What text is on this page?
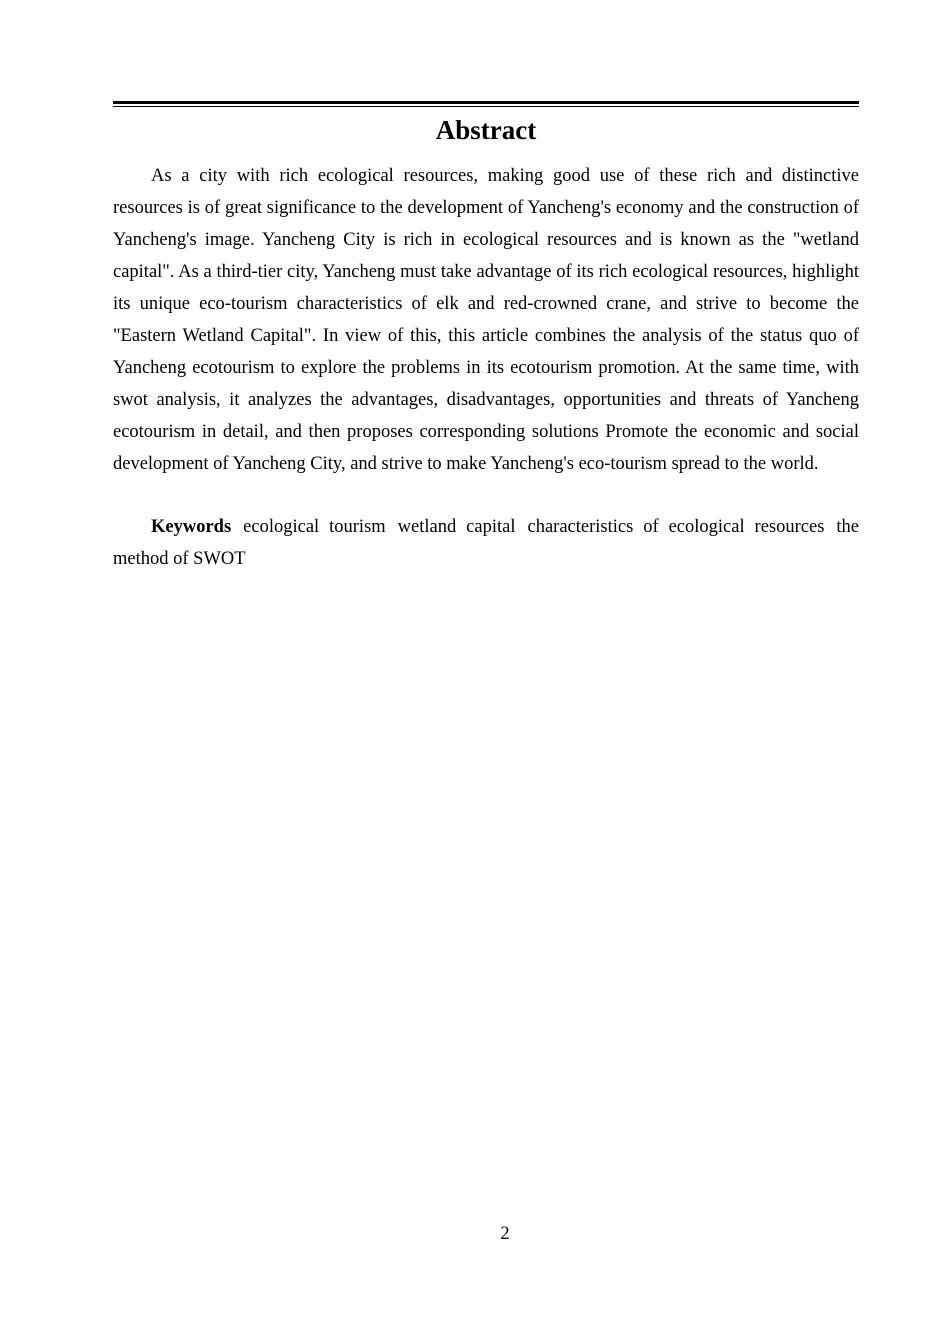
Abstract

As a city with rich ecological resources, making good use of these rich and distinctive resources is of great significance to the development of Yancheng's economy and the construction of Yancheng's image. Yancheng City is rich in ecological resources and is known as the "wetland capital". As a third-tier city, Yancheng must take advantage of its rich ecological resources, highlight its unique eco-tourism characteristics of elk and red-crowned crane, and strive to become the "Eastern Wetland Capital". In view of this, this article combines the analysis of the status quo of Yancheng ecotourism to explore the problems in its ecotourism promotion. At the same time, with swot analysis, it analyzes the advantages, disadvantages, opportunities and threats of Yancheng ecotourism in detail, and then proposes corresponding solutions Promote the economic and social development of Yancheng City, and strive to make Yancheng's eco-tourism spread to the world.

Keywords ecological tourism wetland capital characteristics of ecological resources the method of SWOT

2
